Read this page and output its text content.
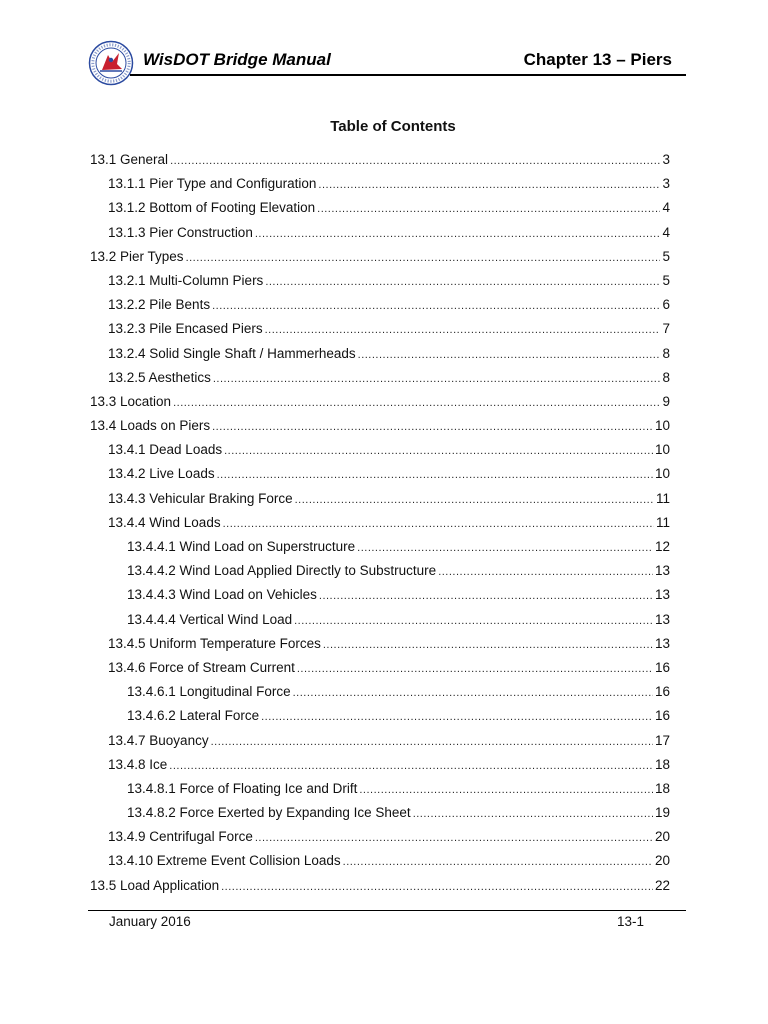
WisDOT Bridge Manual	Chapter 13 – Piers
Table of Contents
13.1 General .....	3
13.1.1 Pier Type and Configuration .....	3
13.1.2 Bottom of Footing Elevation .....	4
13.1.3 Pier Construction .....	4
13.2 Pier Types .....	5
13.2.1 Multi-Column Piers .....	5
13.2.2 Pile Bents .....	6
13.2.3 Pile Encased Piers .....	7
13.2.4 Solid Single Shaft / Hammerheads .....	8
13.2.5 Aesthetics .....	8
13.3 Location .....	9
13.4 Loads on Piers .....	10
13.4.1 Dead Loads .....	10
13.4.2 Live Loads .....	10
13.4.3 Vehicular Braking Force .....	11
13.4.4 Wind Loads .....	11
13.4.4.1 Wind Load on Superstructure .....	12
13.4.4.2 Wind Load Applied Directly to Substructure .....	13
13.4.4.3 Wind Load on Vehicles .....	13
13.4.4.4 Vertical Wind Load .....	13
13.4.5 Uniform Temperature Forces .....	13
13.4.6 Force of Stream Current .....	16
13.4.6.1 Longitudinal Force .....	16
13.4.6.2 Lateral Force .....	16
13.4.7 Buoyancy .....	17
13.4.8 Ice .....	18
13.4.8.1 Force of Floating Ice and Drift .....	18
13.4.8.2 Force Exerted by Expanding Ice Sheet .....	19
13.4.9 Centrifugal Force .....	20
13.4.10 Extreme Event Collision Loads .....	20
13.5 Load Application .....	22
January 2016	13-1
